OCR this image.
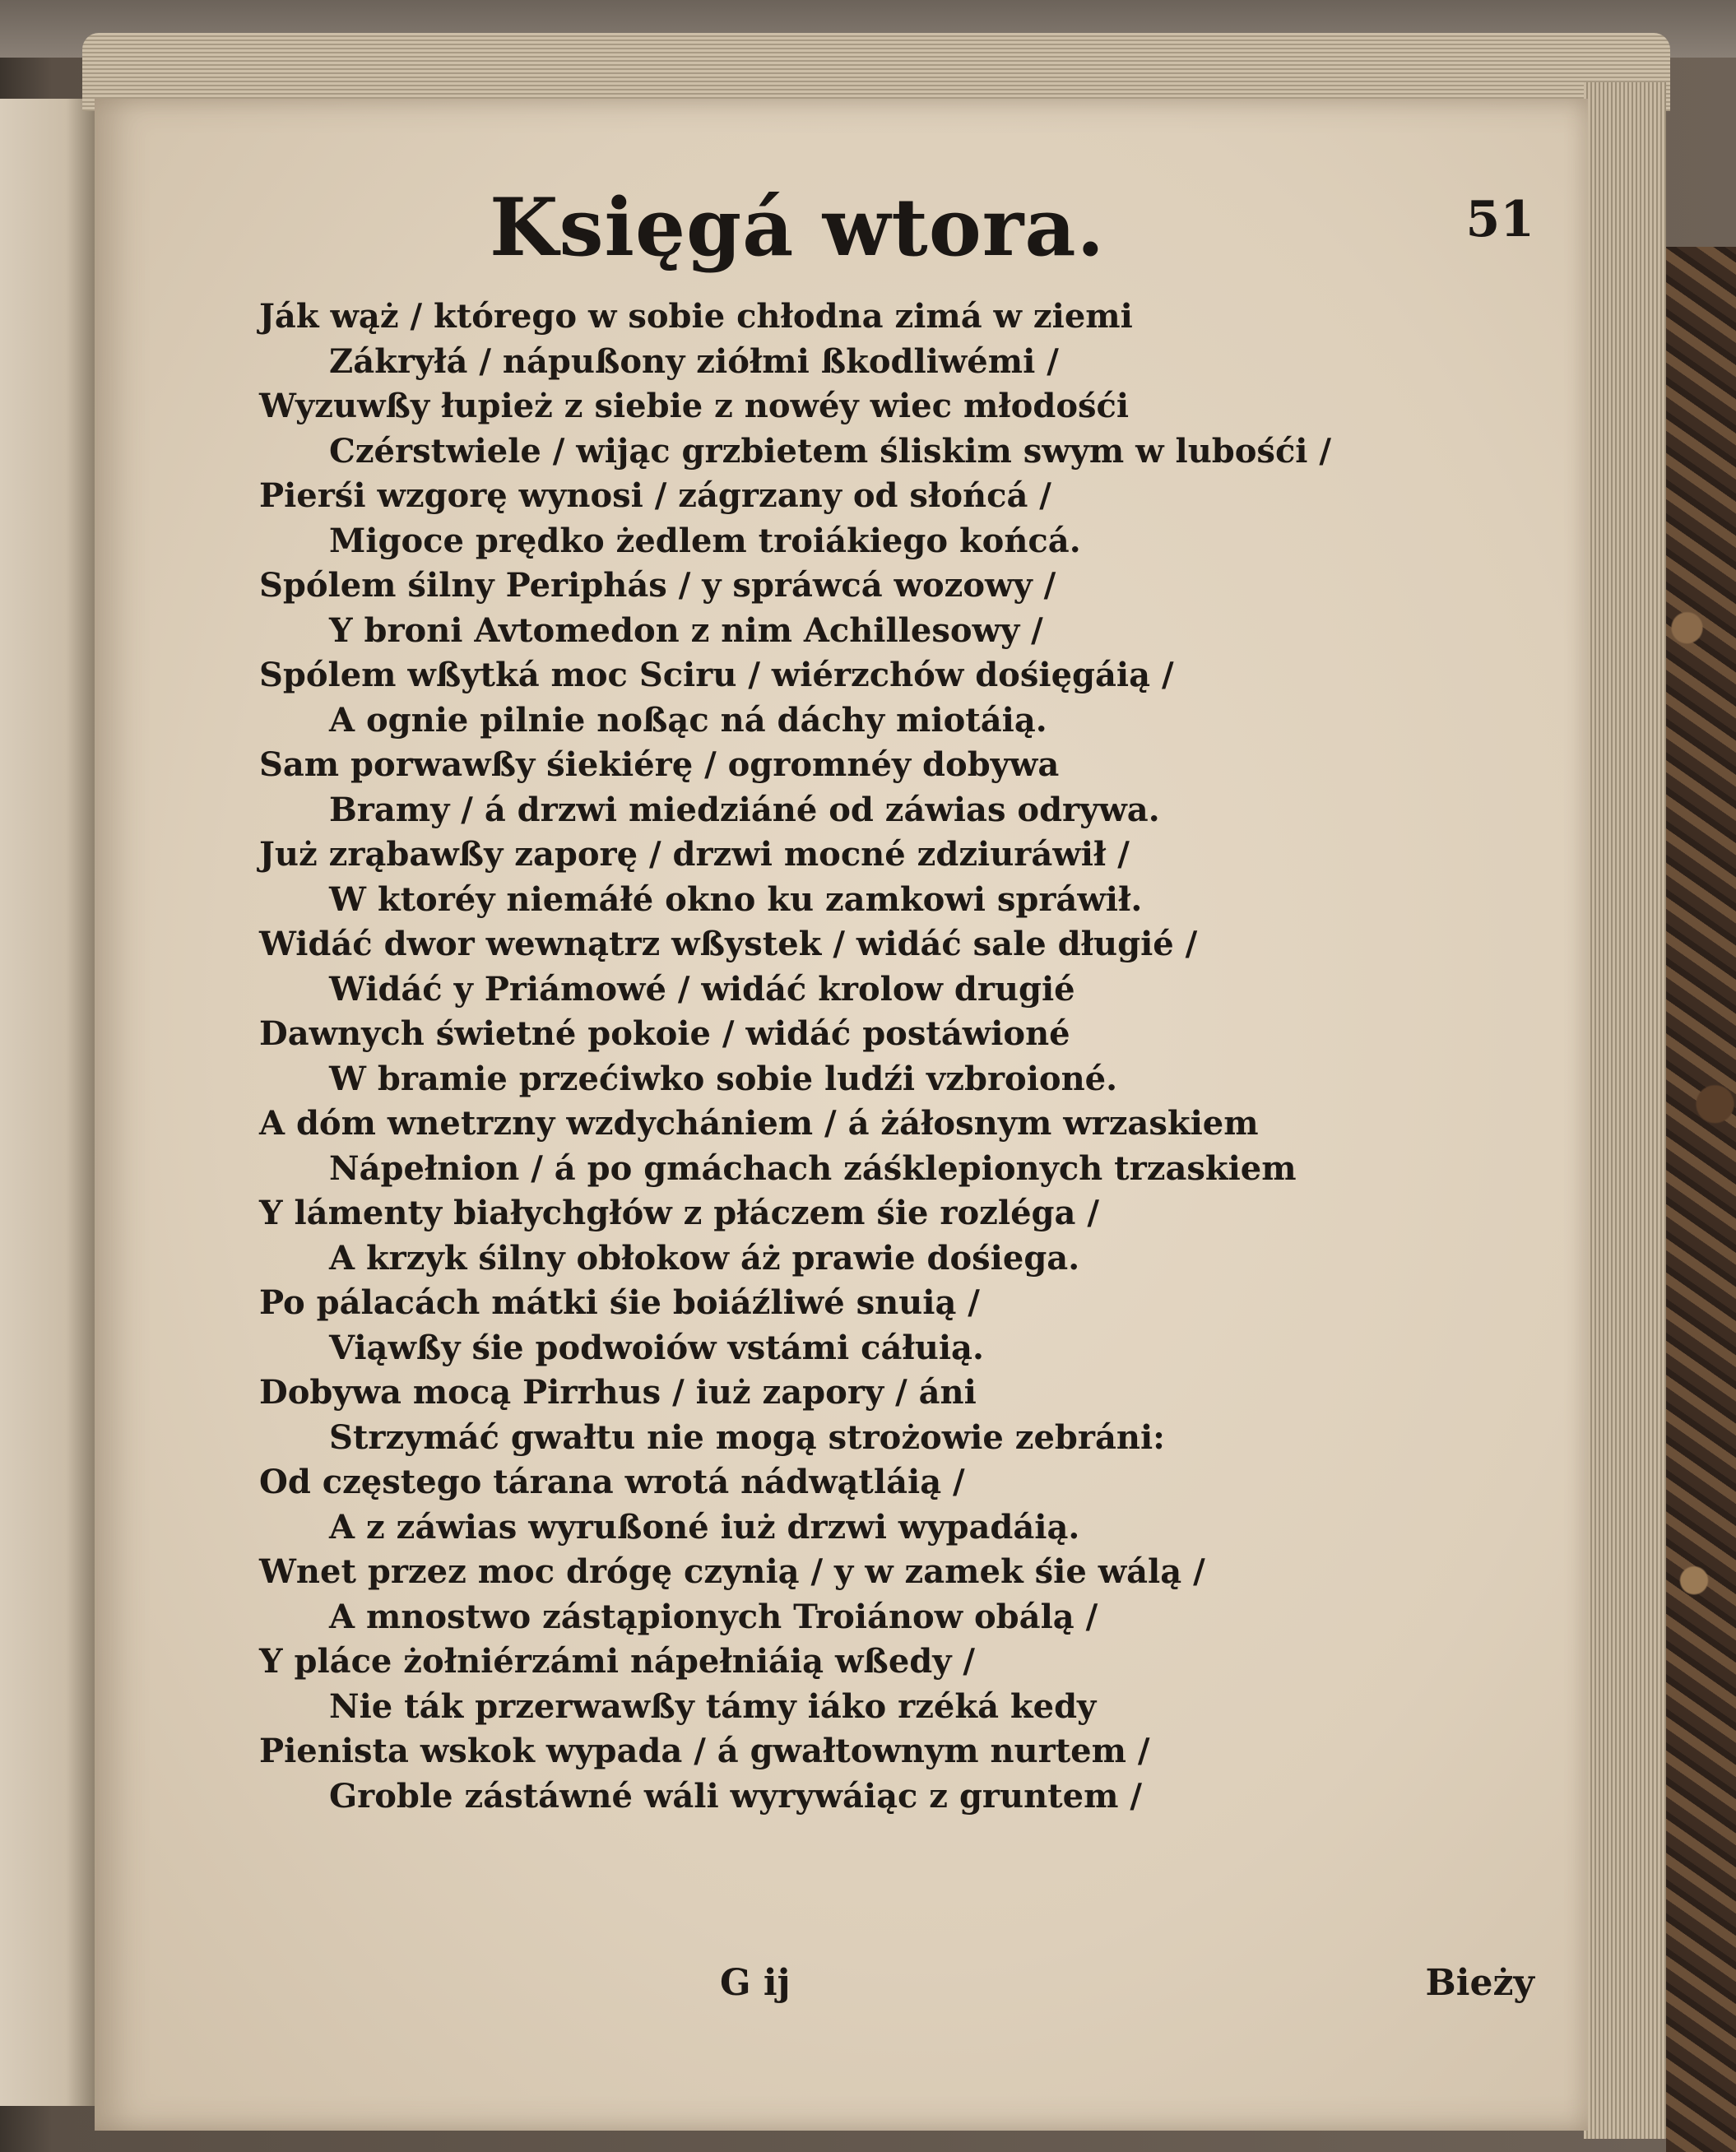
Księgá wtora.	51
Ják wąż / którego w sobie chłodna zimá w ziemi
Zákryłá / nápußony ziółmi ßkodliwémi /
Wyzuwßy łupież z siebie z nowéy wiec młodośći
Czérstwiele / wijąc grzbietem śliskim swym w lubośći /
Pierśi wzgorę wynosi / zágrzany od słońcá /
Migoce prędko żedlem troiákiego końcá.
Spólem śilny Periphás / y spráwcá wozowy /
Y broni Avtomedon z nim Achillesowy /
Spólem wßytká moc Sciru / wiérzchów dośięgáią /
A ognie pilnie noßąc ná dáchy miotáią.
Sam porwawßy śiekiérę / ogromnéy dobywa
Bramy / á drzwi miedziáné od záwias odrywa.
Już zrąbawßy zaporę / drzwi mocné zdziuráwił /
W ktoréy niemáłé okno ku zamkowi spráwił.
Widáć dwor wewnątrz wßystek / widáć sale długié /
Widáć y Priámowé / widáć krolow drugié
Dawnych świetné pokoie / widáć postáwioné
W bramie przećiwko sobie ludźi vzbroioné.
A dóm wnetrzny wzdychániem / á żáłosnym wrzaskiem
Nápełnion / á po gmáchach záśklepionych trzaskiem
Y lámenty białychgłów z płáczem śie rozléga /
A krzyk śilny obłokow áż prawie dośiega.
Po pálacách mátki śie boiáźliwé snuią /
Viąwßy śie podwoiów vstámi cáłuią.
Dobywa mocą Pirrhus / iuż zapory / áni
Strzymáć gwałtu nie mogą strożowie zebráni:
Od częstego tárana wrotá nádwątláią /
A z záwias wyrußoné iuż drzwi wypadáią.
Wnet przez moc drógę czynią / y w zamek śie wálą /
A mnostwo zástąpionych Troiánow obálą /
Y pláce żołniérzámi nápełniáią wßedy /
Nie ták przerwawßy támy iáko rzéká kedy
Pienista wskok wypada / á gwałtownym nurtem /
Groble zástáwné wáli wyrywáiąc z gruntem /
G ij	Bieży
